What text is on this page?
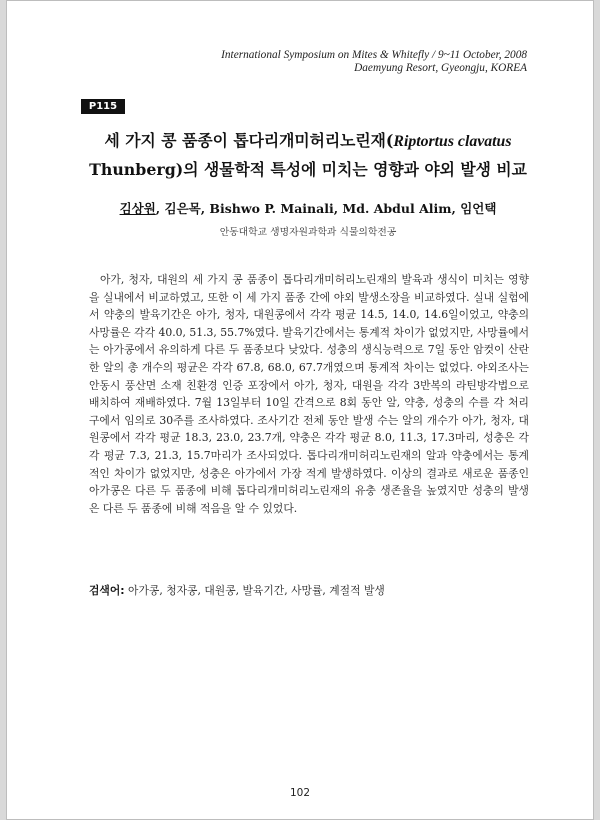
International Symposium on Mites & Whitefly / 9~11 October, 2008
Daemyung Resort, Gyeongju, KOREA
P115
세 가지 콩 품종이 톱다리개미허리노린재(Riptortus clavatus Thunberg)의 생물학적 특성에 미치는 영향과 야외 발생 비교
김상원, 김은목, Bishwo P. Mainali, Md. Abdul Alim, 임언택
안동대학교 생명자원과학과 식물의학전공

아가, 청자, 대원의 세 가지 콩 품종이 톱다리개미허리노린재의 발육과 생식이 미치는 영향을 실내에서 비교하였고, 또한 이 세 가지 품종 간에 야외 발생소장을 비교하였다. 실내 실험에서 약충의 발육기간은 아가, 청자, 대원콩에서 각각 평균 14.5, 14.0, 14.6일이었고, 약충의 사망률은 각각 40.0, 51.3, 55.7%였다. 발육기간에서는 통계적 차이가 없었지만, 사망률에서는 아가콩에서 유의하게 다른 두 품종보다 낮았다. 성충의 생식능력으로 7일 동안 암컷이 산란한 알의 총 개수의 평균은 각각 67.8, 68.0, 67.7개였으며 통계적 차이는 없었다. 야외조사는 안동시 풍산면 소재 친환경 인증 포장에서 아가, 청자, 대원을 각각 3반복의 라틴방각법으로 배치하여 재배하였다. 7월 13일부터 10일 간격으로 8회 동안 알, 약충, 성충의 수를 각 처리구에서 임의로 30주를 조사하였다. 조사기간 전체 동안 발생 수는 알의 개수가 아가, 청자, 대원콩에서 각각 평균 18.3, 23.0, 23.7개, 약충은 각각 평균 8.0, 11.3, 17.3마리, 성충은 각각 평균 7.3, 21.3, 15.7마리가 조사되었다. 톱다리개미허리노린재의 알과 약충에서는 통계적인 차이가 없었지만, 성충은 아가에서 가장 적게 발생하였다. 이상의 결과로 새로운 품종인 아가콩은 다른 두 품종에 비해 톱다리개미허리노린재의 유충 생존율을 높였지만 성충의 발생은 다른 두 품종에 비해 적음을 알 수 있었다.

검색어: 아가콩, 청자콩, 대원콩, 발육기간, 사망률, 계절적 발생
102
